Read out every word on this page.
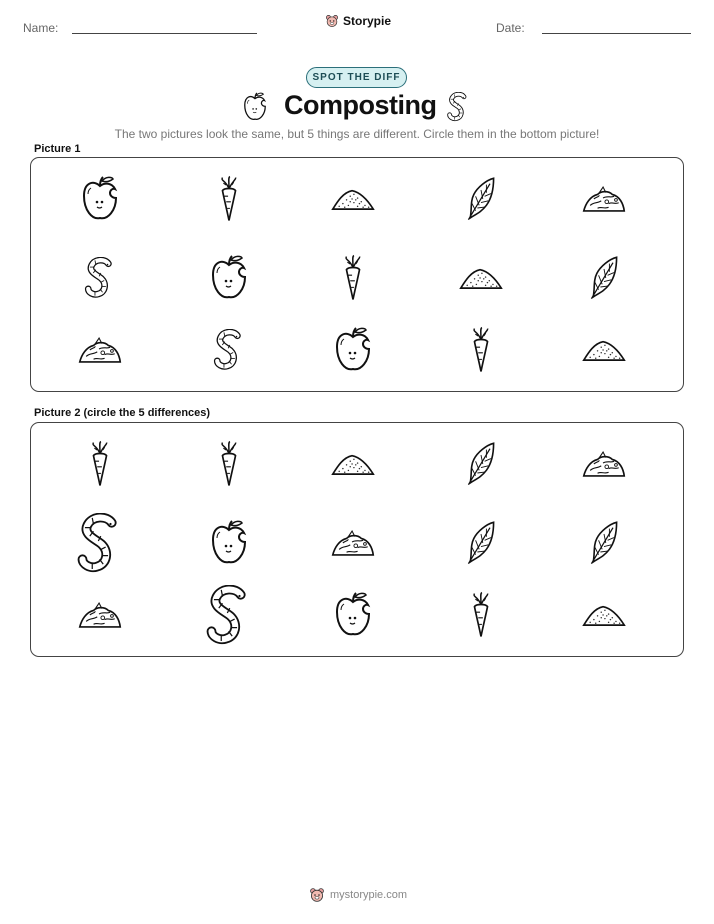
Name:	Storypie	Date:
SPOT THE DIFF
Composting
The two pictures look the same, but 5 things are different. Circle them in the bottom picture!
Picture 1
Picture 2 (circle the 5 differences)
mystorypie.com
